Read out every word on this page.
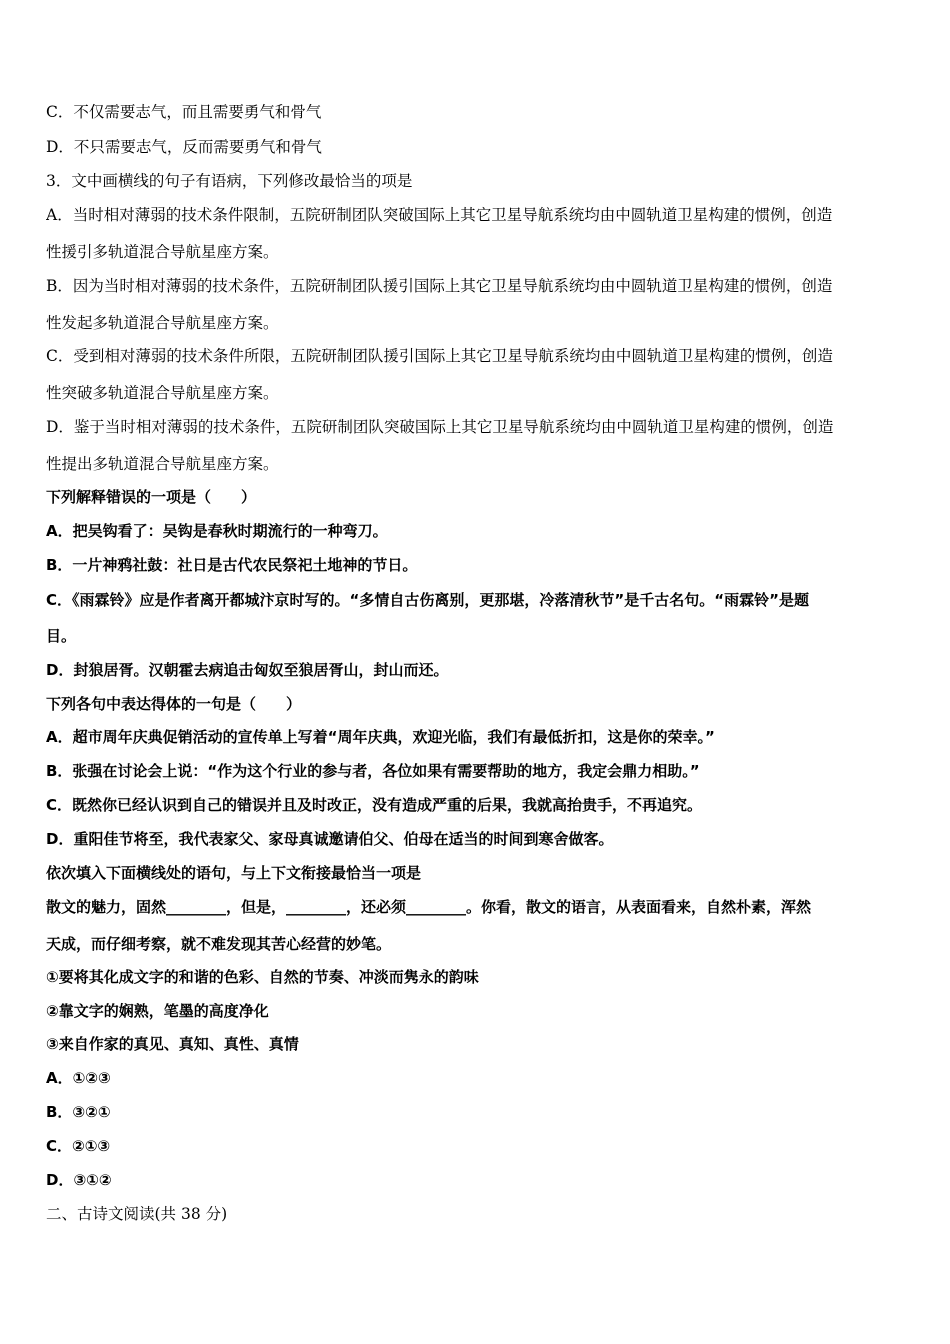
C．不仅需要志气，而且需要勇气和骨气
D．不只需要志气，反而需要勇气和骨气
3．文中画横线的句子有语病，下列修改最恰当的项是
A．当时相对薄弱的技术条件限制，五院研制团队突破国际上其它卫星导航系统均由中圆轨道卫星构建的惯例，创造
性援引多轨道混合导航星座方案。
B．因为当时相对薄弱的技术条件，五院研制团队援引国际上其它卫星导航系统均由中圆轨道卫星构建的惯例，创造
性发起多轨道混合导航星座方案。
C．受到相对薄弱的技术条件所限，五院研制团队援引国际上其它卫星导航系统均由中圆轨道卫星构建的惯例，创造
性突破多轨道混合导航星座方案。
D．鉴于当时相对薄弱的技术条件，五院研制团队突破国际上其它卫星导航系统均由中圆轨道卫星构建的惯例，创造
性提出多轨道混合导航星座方案。
下列解释错误的一项是（　　）
A．把吴钩看了：吴钩是春秋时期流行的一种弯刀。
B．一片神鸦社鼓：社日是古代农民祭祀土地神的节日。
C．《雨霖铃》应是作者离开都城汴京时写的。“多情自古伤离别，更那堪，冷落清秋节”是千古名句。“雨霖铃”是题
目。
D．封狼居胥。汉朝霍去病追击匈奴至狼居胥山，封山而还。
下列各句中表达得体的一句是（　　）
A．超市周年庆典促销活动的宣传单上写着“周年庆典，欢迎光临，我们有最低折扣，这是你的荣幸。”
B．张强在讨论会上说：“作为这个行业的参与者，各位如果有需要帮助的地方，我定会鼎力相助。”
C．既然你已经认识到自己的错误并且及时改正，没有造成严重的后果，我就高抬贵手，不再追究。
D．重阳佳节将至，我代表家父、家母真诚邀请伯父、伯母在适当的时间到寒舍做客。
依次填入下面横线处的语句，与上下文衔接最恰当一项是
散文的魅力，固然________，但是，________，还必须________。你看，散文的语言，从表面看来，自然朴素，浑然
天成，而仔细考察，就不难发现其苦心经营的妙笔。
①要将其化成文字的和谐的色彩、自然的节奏、冲淡而隽永的韵味
②靠文字的娴熟，笔墨的高度净化
③来自作家的真见、真知、真性、真情
A．①②③
B．③②①
C．②①③
D．③①②
二、古诗文阅读(共 38 分)
